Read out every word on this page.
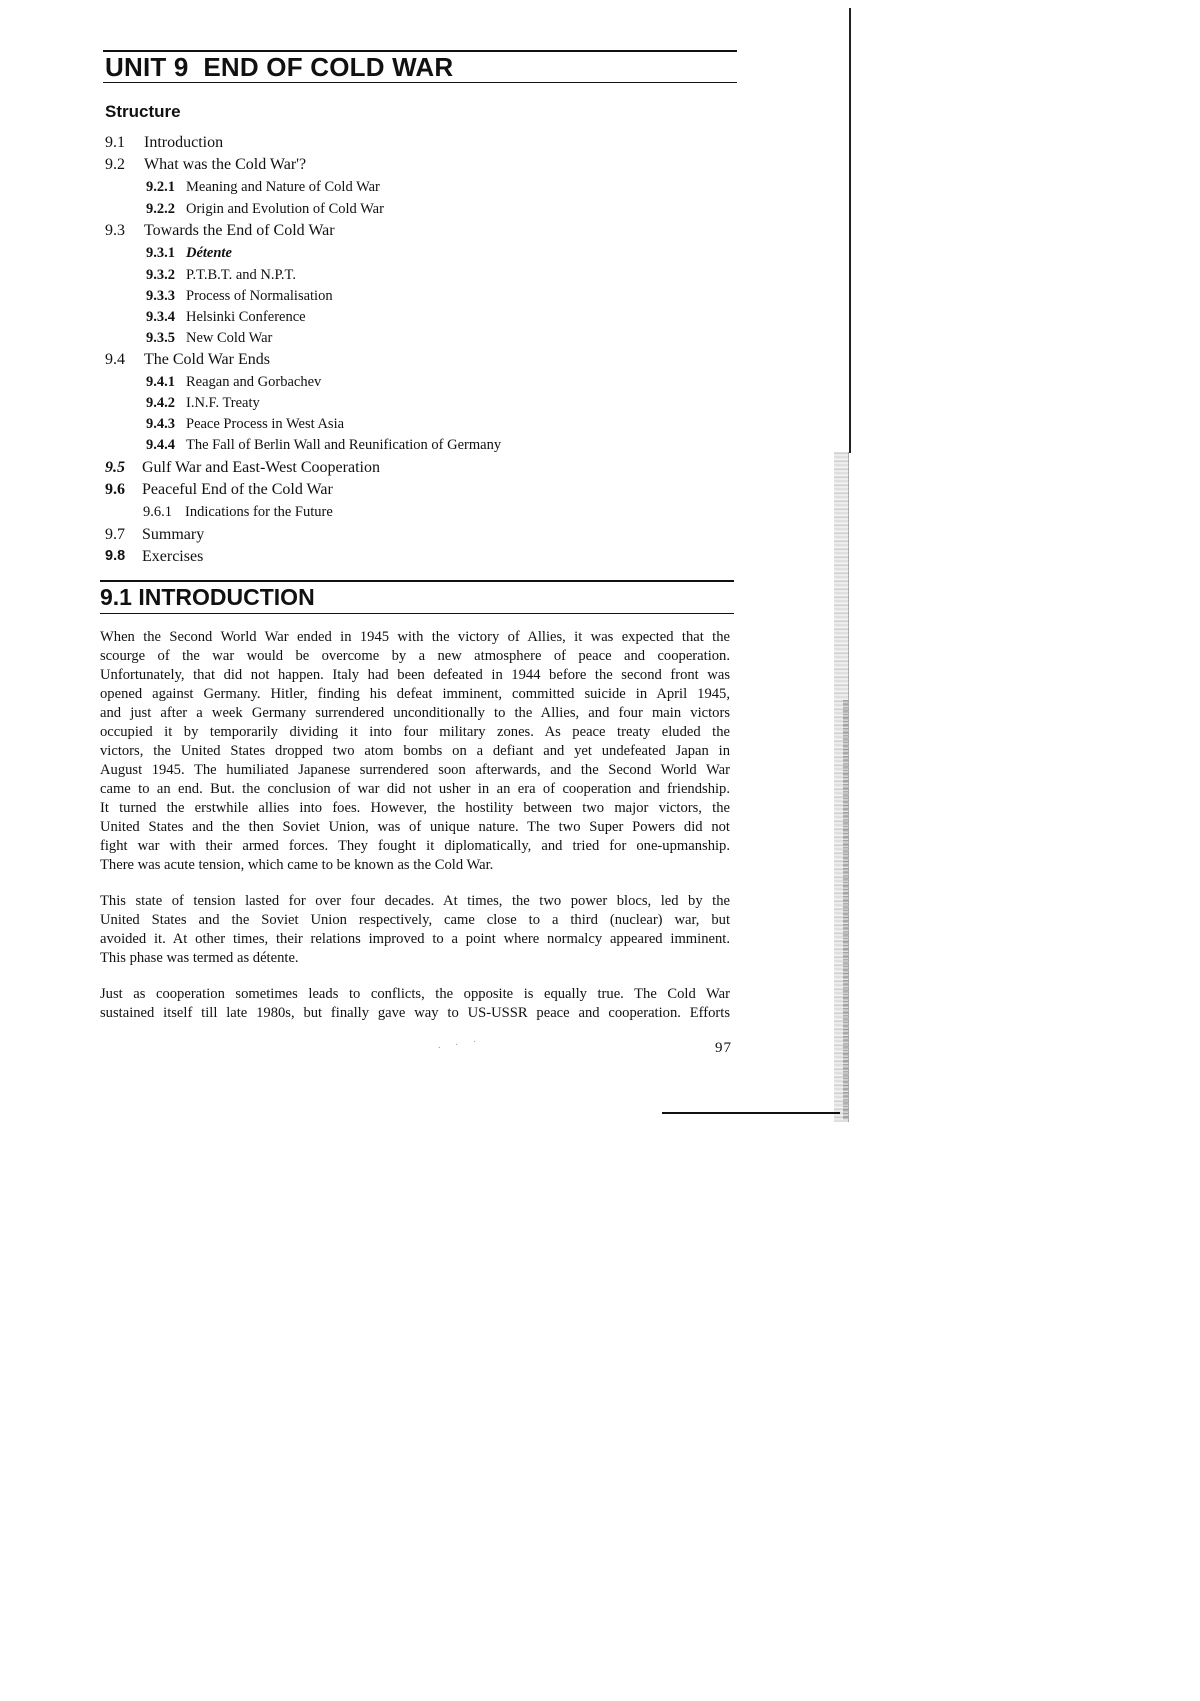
UNIT 9  END OF COLD WAR
Structure
9.1 Introduction
9.2 What was the Cold War'?
9.2.1 Meaning and Nature of Cold War
9.2.2 Origin and Evolution of Cold War
9.3 Towards the End of Cold War
9.3.1 Détente
9.3.2 P.T.B.T. and N.P.T.
9.3.3 Process of Normalisation
9.3.4 Helsinki Conference
9.3.5 New Cold War
9.4 The Cold War Ends
9.4.1 Reagan and Gorbachev
9.4.2 I.N.F. Treaty
9.4.3 Peace Process in West Asia
9.4.4 The Fall of Berlin Wall and Reunification of Germany
9.5 Gulf War and East-West Cooperation
9.6 Peaceful End of the Cold War
9.6.1 Indications for the Future
9.7 Summary
9.8 Exercises
9.1 INTRODUCTION
When the Second World War ended in 1945 with the victory of Allies, it was expected that the
scourge of the war would be overcome by a new atmosphere of peace and cooperation.
Unfortunately, that did not happen. Italy had been defeated in 1944 before the second front was
opened against Germany. Hitler, finding his defeat imminent, committed suicide in April 1945,
and just after a week Germany surrendered unconditionally to the Allies, and four main victors
occupied it by temporarily dividing it into four military zones. As peace treaty eluded the
victors, the United States dropped two atom bombs on a defiant and yet undefeated Japan in
August 1945. The humiliated Japanese surrendered soon afterwards, and the Second World War
came to an end. But. the conclusion of war did not usher in an era of cooperation and friendship.
It turned the erstwhile allies into foes. However, the hostility between two major victors, the
United States and the then Soviet Union, was of unique nature. The two Super Powers did not
fight war with their armed forces. They fought it diplomatically, and tried for one-upmanship.
There was acute tension, which came to be known as the Cold War.
This state of tension lasted for over four decades. At times, the two power blocs, led by the
United States and the Soviet Union respectively, came close to a third (nuclear) war, but
avoided it. At other times, their relations improved to a point where normalcy appeared imminent.
This phase was termed as détente.
Just as cooperation sometimes leads to conflicts, the opposite is equally true. The Cold War
sustained itself till late 1980s, but finally gave way to US-USSR peace and cooperation. Efforts
. · ˙	97
